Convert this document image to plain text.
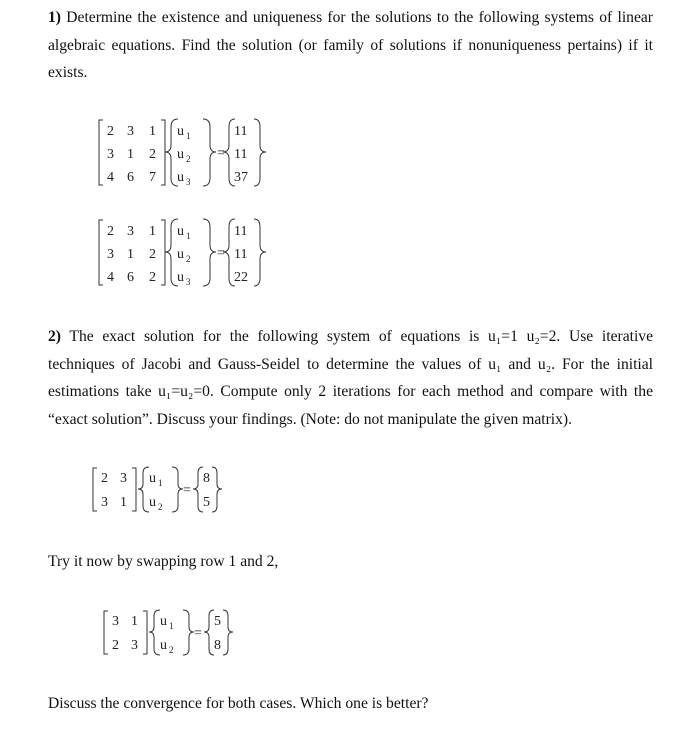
1) Determine the existence and uniqueness for the solutions to the following systems of linear algebraic equations. Find the solution (or family of solutions if nonuniqueness pertains) if it exists.
2 3 1
3 1 2
4 6 7
u 1
u 2
u 3
=
11
11
37
2 3 1
3 1 2
4 6 2
u 1
u 2
u 3
=
11
11
22
2) The exact solution for the following system of equations is u₁=1 u₂=2. Use iterative techniques of Jacobi and Gauss-Seidel to determine the values of u₁ and u₂. For the initial estimations take u₁=u₂=0. Compute only 2 iterations for each method and compare with the “exact solution”. Discuss your findings. (Note: do not manipulate the given matrix).
2 3
3 1
u 1
u 2
=
8
5
Try it now by swapping row 1 and 2,
3 1
2 3
u 1
u 2
=
5
8
Discuss the convergence for both cases. Which one is better?
